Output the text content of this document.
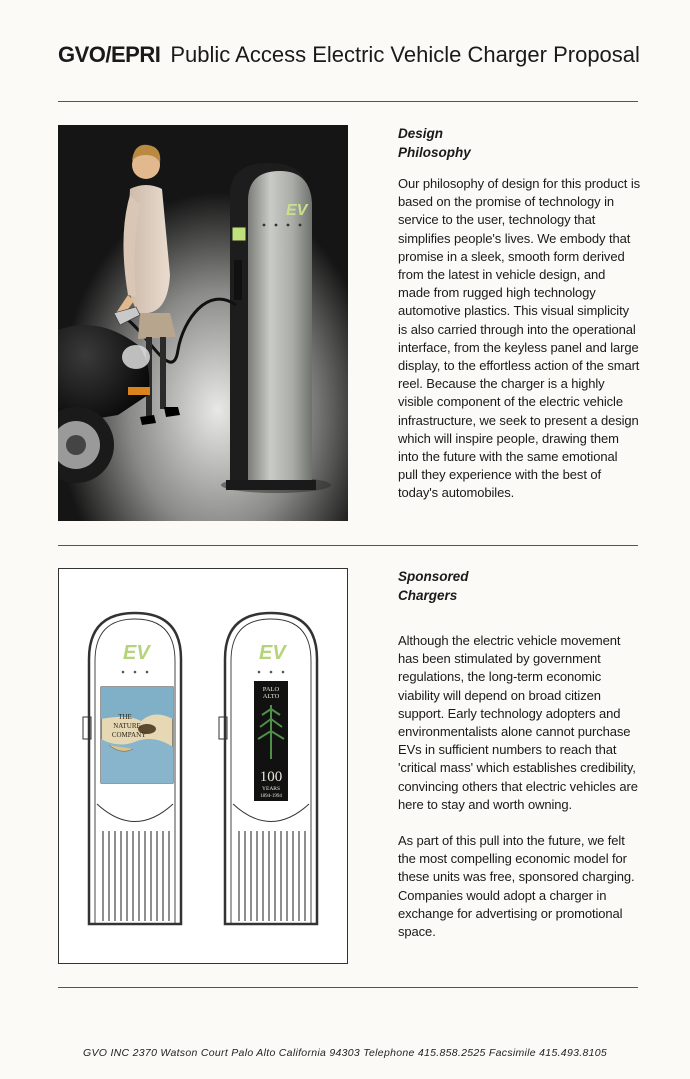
GVO/EPRI Public Access Electric Vehicle Charger Proposal
EV
Design
Philosophy

Our philosophy of design for this product is based on the promise of technology in service to the user, technology that simplifies people's lives. We embody that promise in a sleek, smooth form derived from the latest in vehicle design, and made from rugged high technology automotive plastics. This visual simplicity is also carried through into the operational interface, from the keyless panel and large display, to the effortless action of the smart reel. Because the charger is a highly visible component of the electric vehicle infrastructure, we seek to present a design which will inspire people, drawing them into the future with the same emotional pull they experience with the best of today's automobiles.

EV
THE
NATURE
COMPANY
EV
PALO
ALTO
100
YEARS
1894-1994
Sponsored
Chargers

Although the electric vehicle movement has been stimulated by government regulations, the long-term economic viability will depend on broad citizen support. Early technology adopters and environmentalists alone cannot purchase EVs in sufficient numbers to reach that 'critical mass' which establishes credibility, convincing others that electric vehicles are here to stay and worth owning.

As part of this pull into the future, we felt the most compelling economic model for these units was free, sponsored charging. Companies would adopt a charger in exchange for advertising or promotional space.

GVO INC 2370 Watson Court Palo Alto California 94303 Telephone 415.858.2525 Facsimile 415.493.8105
